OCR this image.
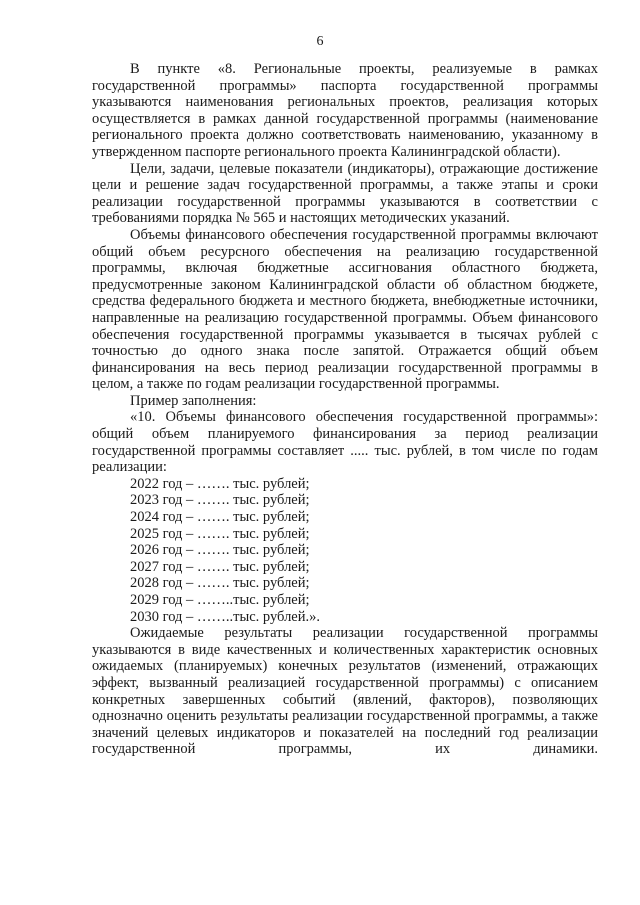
6

В пункте «8. Региональные проекты, реализуемые в рамках государственной программы» паспорта государственной программы указываются наименования региональных проектов, реализация которых осуществляется в рамках данной государственной программы (наименование регионального проекта должно соответствовать наименованию, указанному в утвержденном паспорте регионального проекта Калининградской области).

Цели, задачи, целевые показатели (индикаторы), отражающие достижение цели и решение задач государственной программы, а также этапы и сроки реализации государственной программы указываются в соответствии с требованиями порядка № 565 и настоящих методических указаний.

Объемы финансового обеспечения государственной программы включают общий объем ресурсного обеспечения на реализацию государственной программы, включая бюджетные ассигнования областного бюджета, предусмотренные законом Калининградской области об областном бюджете, средства федерального бюджета и местного бюджета, внебюджетные источники, направленные на реализацию государственной программы. Объем финансового обеспечения государственной программы указывается в тысячах рублей с точностью до одного знака после запятой. Отражается общий объем финансирования на весь период реализации государственной программы в целом, а также по годам реализации государственной программы.

Пример заполнения:

«10. Объемы финансового обеспечения государственной программы»: общий объем планируемого финансирования за период реализации государственной программы составляет ..... тыс. рублей, в том числе по годам реализации:

2022 год – ……. тыс. рублей;
2023 год – ……. тыс. рублей;
2024 год – ……. тыс. рублей;
2025 год – ……. тыс. рублей;
2026 год – ……. тыс. рублей;
2027 год – ……. тыс. рублей;
2028 год – ……. тыс. рублей;
2029 год – ……..тыс. рублей;
2030 год – ……..тыс. рублей.».

Ожидаемые результаты реализации государственной программы указываются в виде качественных и количественных характеристик основных ожидаемых (планируемых) конечных результатов (изменений, отражающих эффект, вызванный реализацией государственной программы) с описанием конкретных завершенных событий (явлений, факторов), позволяющих однозначно оценить результаты реализации государственной программы, а также значений целевых индикаторов и показателей на последний год реализации государственной программы, их динамики.
